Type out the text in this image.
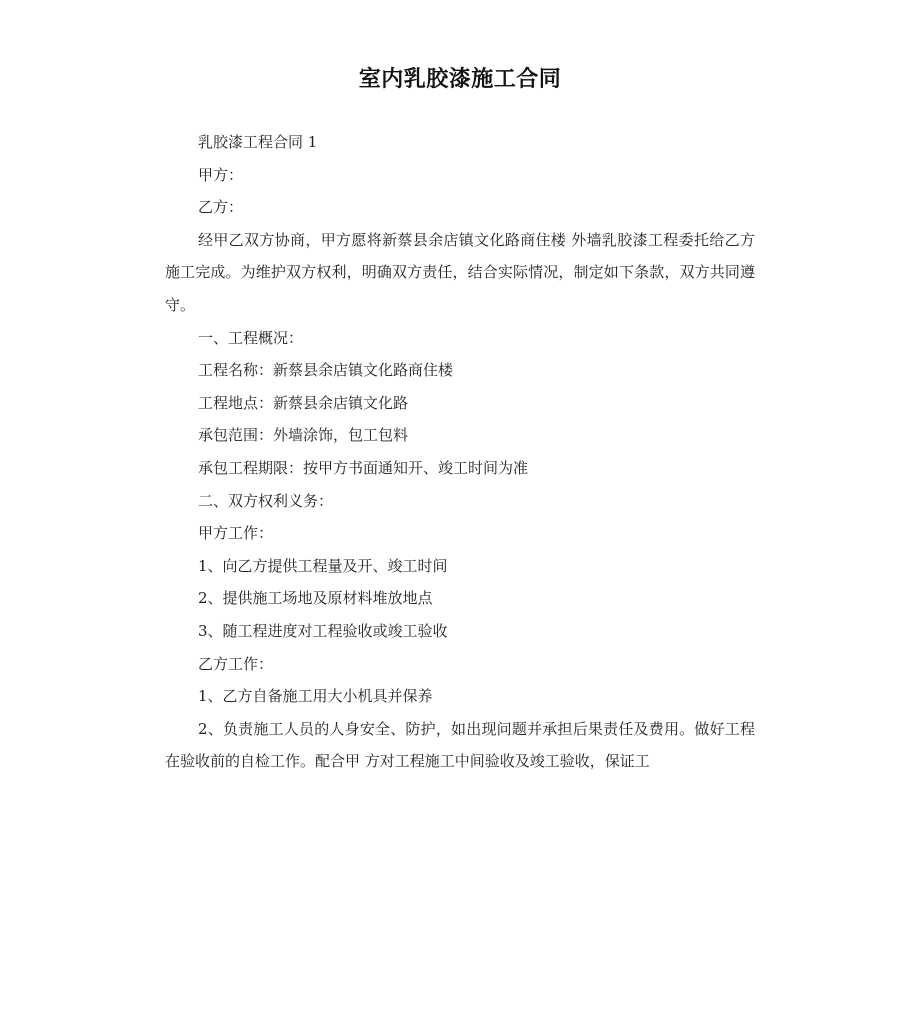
室内乳胶漆施工合同

乳胶漆工程合同 1

甲方：

乙方：

经甲乙双方协商，甲方愿将新蔡县余店镇文化路商住楼 外墙乳胶漆工程委托给乙方施工完成。为维护双方权利，明确双方责任，结合实际情况，制定如下条款，双方共同遵守。

一、工程概况：

工程名称：新蔡县余店镇文化路商住楼

工程地点：新蔡县余店镇文化路

承包范围：外墙涂饰，包工包料

承包工程期限：按甲方书面通知开、竣工时间为准

二、双方权利义务：

甲方工作：

1、向乙方提供工程量及开、竣工时间

2、提供施工场地及原材料堆放地点

3、随工程进度对工程验收或竣工验收

乙方工作：

1、乙方自备施工用大小机具并保养

2、负责施工人员的人身安全、防护，如出现问题并承担后果责任及费用。做好工程在验收前的自检工作。配合甲 方对工程施工中间验收及竣工验收，保证工
